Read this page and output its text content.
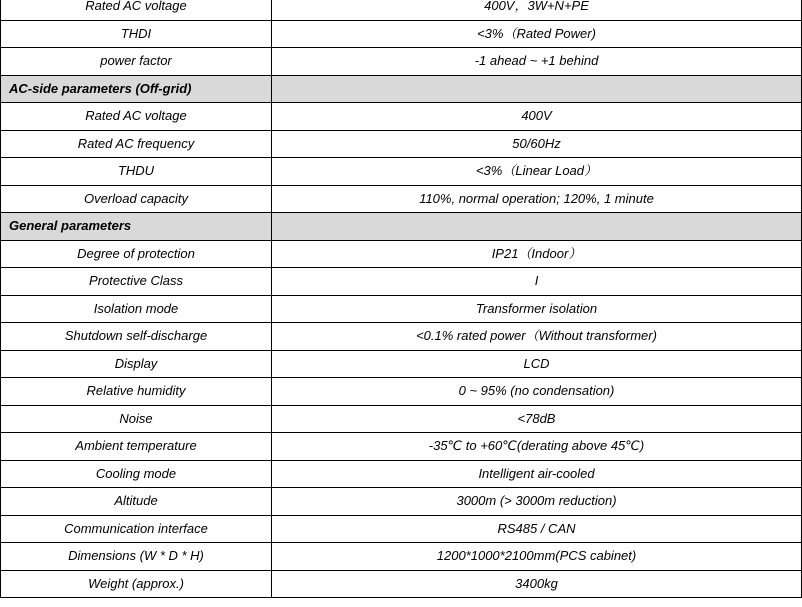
Rated AC voltage	400V，3W+N+PE
THDI	<3%（Rated Power)
power factor	-1 ahead ~ +1 behind
AC-side parameters (Off-grid)	
Rated AC voltage	400V
Rated AC frequency	50/60Hz
THDU	<3%（Linear Load）
Overload capacity	110%, normal operation; 120%, 1 minute
General parameters	
Degree of protection	IP21（Indoor）
Protective Class	I
Isolation mode	Transformer isolation
Shutdown self-discharge	<0.1% rated power（Without transformer)
Display	LCD
Relative humidity	0 ~ 95% (no condensation)
Noise	<78dB
Ambient temperature	-35℃ to +60℃(derating above 45℃)
Cooling mode	Intelligent air-cooled
Altitude	3000m (> 3000m reduction)
Communication interface	RS485 / CAN
Dimensions (W * D * H)	1200*1000*2100mm(PCS cabinet)
Weight (approx.)	3400kg
